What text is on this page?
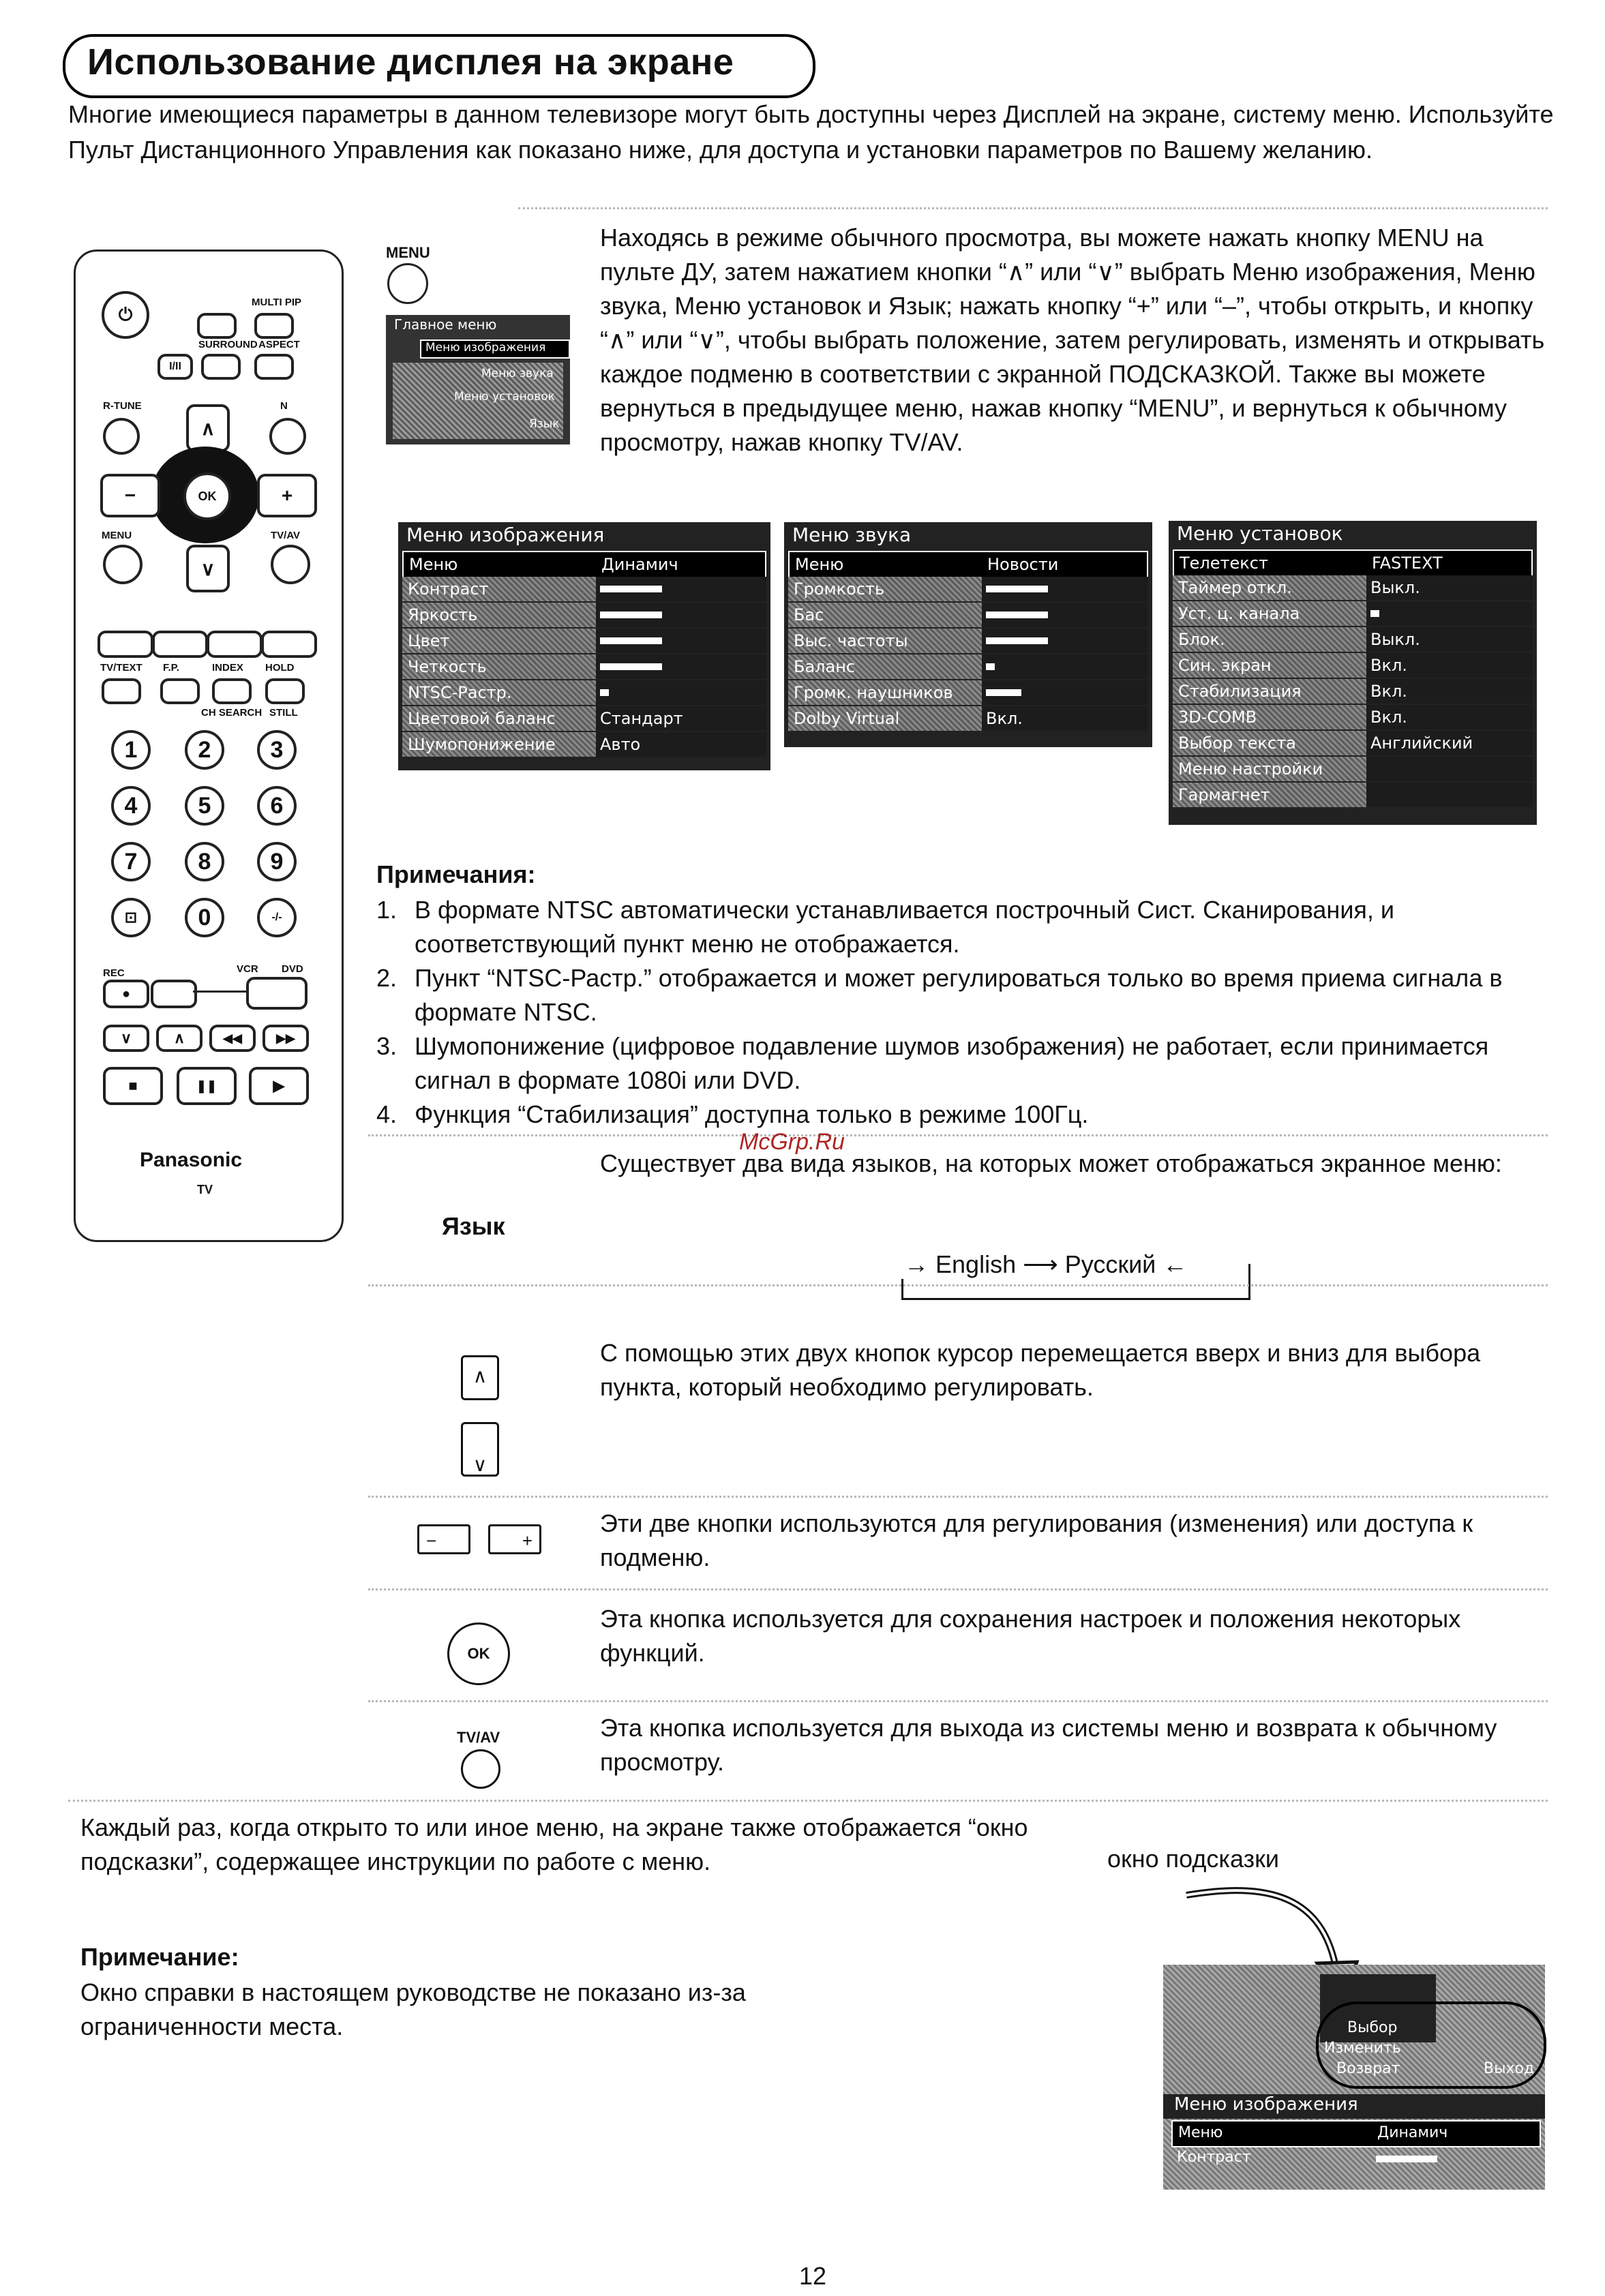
Использование дисплея на экране
Многие имеющиеся параметры в данном телевизоре могут быть доступны через Дисплей на экране, систему меню. Используйте Пульт Дистанционного Управления как показано ниже, для доступа и установки параметров по Вашему желанию.
⏻
MULTI PIP
I/II
SURROUND ASPECT
R-TUNE	N
∧
∨
OK
−	+
MENU	TV/AV
TV/TEXT F.P.	INDEX HOLD
CH SEARCH STILL
1	2	3
4	5	6
7	8	9
⊡	0	-/-
REC	VCR DVD
●
∨	∧	◀◀	▶▶
■	❚❚	▶
Panasonic
TV
MENU
Главное меню
Меню изображения
Меню звука
Меню установок
Язык
Находясь в режиме обычного просмотра, вы можете нажать кнопку MENU на пульте ДУ, затем нажатием кнопки “∧” или “∨” выбрать Меню изображения, Меню звука, Меню установок и Язык; нажать кнопку “+” или “–”, чтобы открыть, и кнопку “∧” или “∨”, чтобы выбрать положение, затем регулировать, изменять и открывать каждое подменю в соответствии с экранной ПОДСКАЗКОЙ. Также вы можете вернуться в предыдущее меню, нажав кнопку “MENU”, и вернуться к обычному просмотру, нажав кнопку TV/AV.
Меню изображения
Меню	Динамич
Контраст
Яркость
Цвет
Четкость
NTSC-Растр.
Цветовой баланс	Стандарт
Шумопонижение	Авто
Меню звука
Меню	Новости
Громкость
Бас
Выс. частоты
Баланс
Громк. наушников
Dolby Virtual	Вкл.
Меню установок
Телетекст	FASTEXT
Таймер откл.	Выкл.
Уст. ц. канала
Блок.	Выкл.
Син. экран	Вкл.
Стабилизация	Вкл.
3D-COMB	Вкл.
Выбор текста	Английский
Меню настройки
Гармагнет
Примечания:
1. В формате NTSC автоматически устанавливается построчный Сист. Сканирования, и соответствующий пункт меню не отображается.
2. Пункт “NTSC-Растр.” отображается и может регулироваться только во время приема сигнала в формате NTSC.
3. Шумопонижение (цифровое подавление шумов изображения) не работает, если принимается сигнал в формате 1080i или DVD.
4. Функция “Стабилизация” доступна только в режиме 100Гц.
McGrp.Ru
Язык
Существует два вида языков, на которых может отображаться экранное меню:
→ English ⟶ Русский ←
∧
∨
С помощью этих двух кнопок курсор перемещается вверх и вниз для выбора пункта, который необходимо регулировать.
−	+
Эти две кнопки используются для регулирования (изменения) или доступа к подменю.
OK
Эта кнопка используется для сохранения настроек и положения некоторых функций.
TV/AV	Эта кнопка используется для выхода из системы меню и возврата к обычному просмотру.
Каждый раз, когда открыто то или иное меню, на экране также отображается “окно подсказки”, содержащее инструкции по работе с меню.	окно подсказки
Примечание:
Окно справки в настоящем руководстве не показано из-за ограниченности места.	Выбор
Изменить
Возврат	Выход
Меню изображения
Меню	Динамич
Контраст
12
